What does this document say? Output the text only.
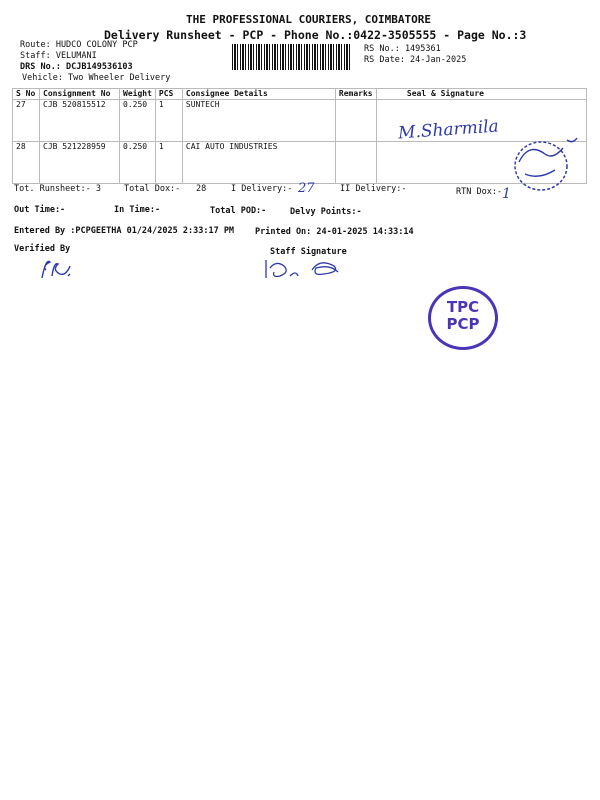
THE PROFESSIONAL COURIERS, COIMBATORE
Delivery Runsheet - PCP - Phone No.:0422-3505555 - Page No.:3
Route: HUDCO COLONY PCP
Staff: VELUMANI
DRS No.: DCJB149536103
Vehicle: Two Wheeler Delivery
RS No.: 1495361
RS Date: 24-Jan-2025
S No	Consignment No	Weight	PCS	Consignee Details	Remarks	Seal & Signature
27	CJB 520815512	0.250	1	SUNTECH		
28	CJB 521228959	0.250	1	CAI AUTO INDUSTRIES		
M.Sharmila
Tot. Runsheet:- 3	Total Dox:- 28	I Delivery:- 27	II Delivery:-	RTN Dox:- 1
Out Time:-	In Time:-	Total POD:-	Delvy Points:-
Entered By :PCPGEETHA 01/24/2025 2:33:17 PM Printed On: 24-01-2025 14:33:14
Verified By	Staff Signature
TPC
PCP
